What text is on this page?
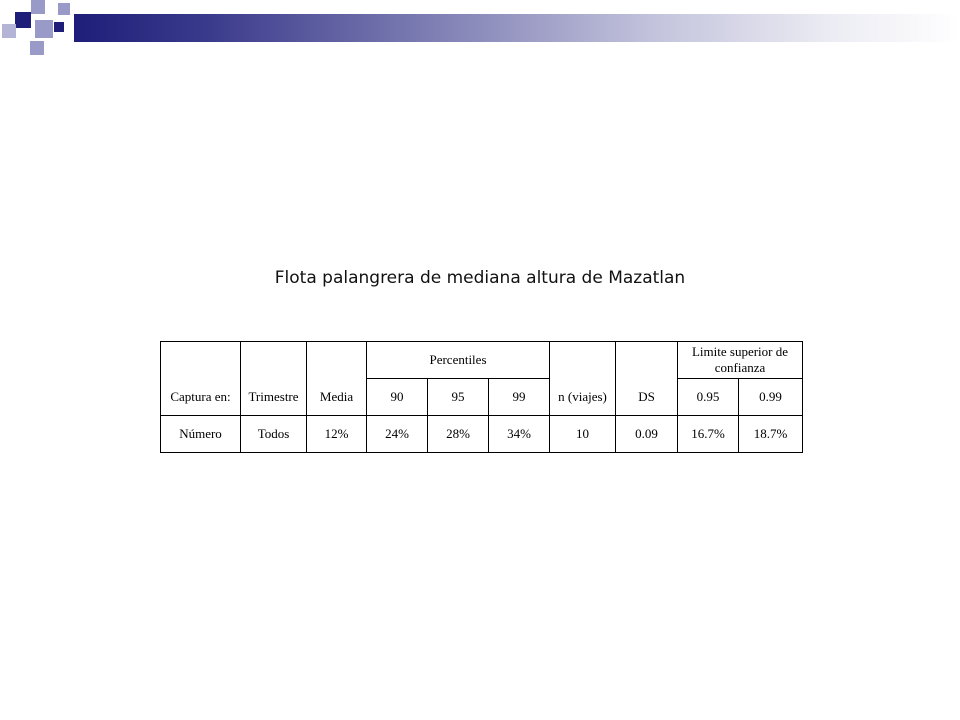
Flota palangrera de mediana altura de Mazatlan
Captura en:	Trimestre	Media	Percentiles			n (viajes)	DS	Limite superior de confianza	
			90	95	99			0.95	0.99
Número	Todos	12%	24%	28%	34%	10	0.09	16.7%	18.7%
